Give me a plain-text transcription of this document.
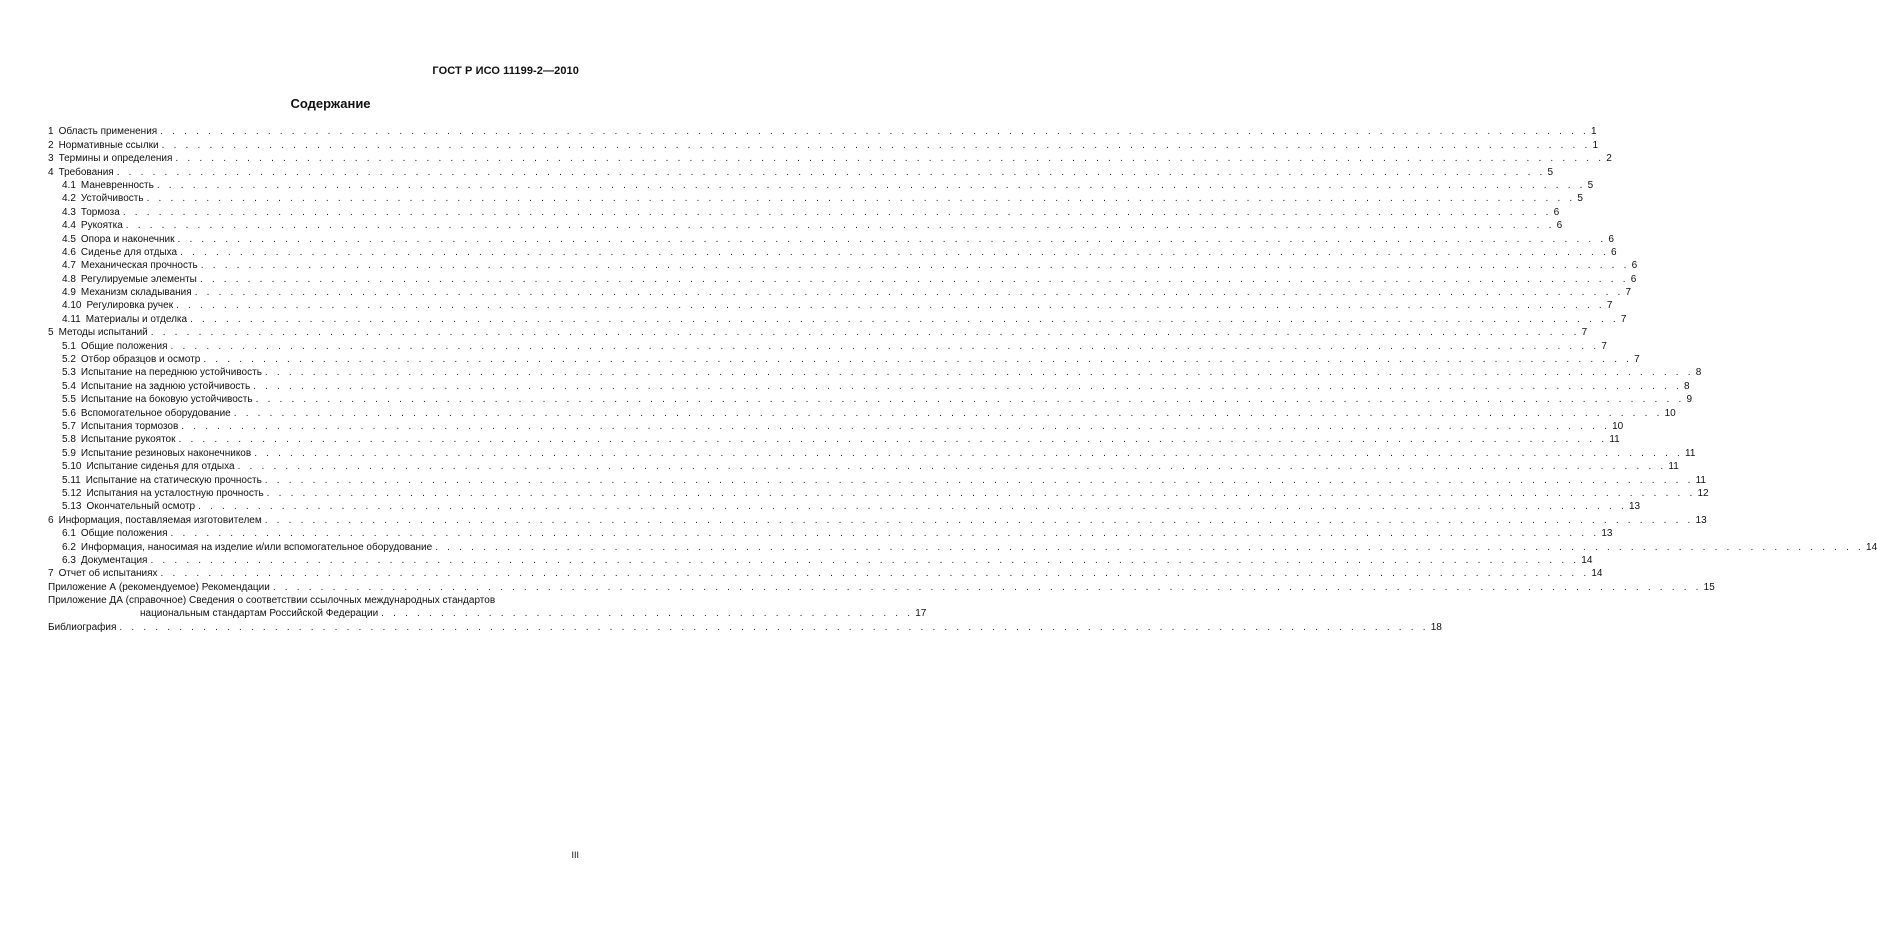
ГОСТ Р ИСО 11199-2—2010
Содержание
1 Область применения . . . . . . . . . . . . . . . . . . . . . . . . . . . . . . . . . . . . . . . . . . . . . . . . . . . . . . . . . . . . . . . . . . . . . . . . . . . . . . . . . . . . . . . . . . . . . . . . . . . . . . . . . . . . . . . . . . . . . . . . 1
2 Нормативные ссылки . . . . . . . . . . . . . . . . . . . . . . . . . . . . . . . . . . . . . . . . . . . . . . . . . . . . . . . . . . . . . . . . . . . . . . . . . . . . . . . . . . . . . . . . . . . . . . . . . . . . . . . . . . . . . . . . . . . . . . . . 1
3 Термины и определения . . . . . . . . . . . . . . . . . . . . . . . . . . . . . . . . . . . . . . . . . . . . . . . . . . . . . . . . . . . . . . . . . . . . . . . . . . . . . . . . . . . . . . . . . . . . . . . . . . . . . . . . . . . . . . . . . . . . . . . . 2
4 Требования . . . . . . . . . . . . . . . . . . . . . . . . . . . . . . . . . . . . . . . . . . . . . . . . . . . . . . . . . . . . . . . . . . . . . . . . . . . . . . . . . . . . . . . . . . . . . . . . . . . . . . . . . . . . . . . . . . . . . . . . 5
4.1 Маневренность . . . . . . . . . . . . . . . . . . . . . . . . . . . . . . . . . . . . . . . . . . . . . . . . . . . . . . . . . . . . . . . . . . . . . . . . . . . . . . . . . . . . . . . . . . . . . . . . . . . . . . . . . . . . . . . . . . . . . . . . 5
4.2 Устойчивость . . . . . . . . . . . . . . . . . . . . . . . . . . . . . . . . . . . . . . . . . . . . . . . . . . . . . . . . . . . . . . . . . . . . . . . . . . . . . . . . . . . . . . . . . . . . . . . . . . . . . . . . . . . . . . . . . . . . . . . . 5
4.3 Тормоза . . . . . . . . . . . . . . . . . . . . . . . . . . . . . . . . . . . . . . . . . . . . . . . . . . . . . . . . . . . . . . . . . . . . . . . . . . . . . . . . . . . . . . . . . . . . . . . . . . . . . . . . . . . . . . . . . . . . . . . . 6
4.4 Рукоятка . . . . . . . . . . . . . . . . . . . . . . . . . . . . . . . . . . . . . . . . . . . . . . . . . . . . . . . . . . . . . . . . . . . . . . . . . . . . . . . . . . . . . . . . . . . . . . . . . . . . . . . . . . . . . . . . . . . . . . . . 6
4.5 Опора и наконечник . . . . . . . . . . . . . . . . . . . . . . . . . . . . . . . . . . . . . . . . . . . . . . . . . . . . . . . . . . . . . . . . . . . . . . . . . . . . . . . . . . . . . . . . . . . . . . . . . . . . . . . . . . . . . . . . . . . . . . . . 6
4.6 Сиденье для отдыха . . . . . . . . . . . . . . . . . . . . . . . . . . . . . . . . . . . . . . . . . . . . . . . . . . . . . . . . . . . . . . . . . . . . . . . . . . . . . . . . . . . . . . . . . . . . . . . . . . . . . . . . . . . . . . . . . . . . . . . . 6
4.7 Механическая прочность . . . . . . . . . . . . . . . . . . . . . . . . . . . . . . . . . . . . . . . . . . . . . . . . . . . . . . . . . . . . . . . . . . . . . . . . . . . . . . . . . . . . . . . . . . . . . . . . . . . . . . . . . . . . . . . . . . . . . . . . 6
4.8 Регулируемые элементы . . . . . . . . . . . . . . . . . . . . . . . . . . . . . . . . . . . . . . . . . . . . . . . . . . . . . . . . . . . . . . . . . . . . . . . . . . . . . . . . . . . . . . . . . . . . . . . . . . . . . . . . . . . . . . . . . . . . . . . . 6
4.9 Механизм складывания . . . . . . . . . . . . . . . . . . . . . . . . . . . . . . . . . . . . . . . . . . . . . . . . . . . . . . . . . . . . . . . . . . . . . . . . . . . . . . . . . . . . . . . . . . . . . . . . . . . . . . . . . . . . . . . . . . . . . . . . 7
4.10 Регулировка ручек . . . . . . . . . . . . . . . . . . . . . . . . . . . . . . . . . . . . . . . . . . . . . . . . . . . . . . . . . . . . . . . . . . . . . . . . . . . . . . . . . . . . . . . . . . . . . . . . . . . . . . . . . . . . . . . . . . . . . . . . 7
4.11 Материалы и отделка . . . . . . . . . . . . . . . . . . . . . . . . . . . . . . . . . . . . . . . . . . . . . . . . . . . . . . . . . . . . . . . . . . . . . . . . . . . . . . . . . . . . . . . . . . . . . . . . . . . . . . . . . . . . . . . . . . . . . . . . 7
5 Методы испытаний . . . . . . . . . . . . . . . . . . . . . . . . . . . . . . . . . . . . . . . . . . . . . . . . . . . . . . . . . . . . . . . . . . . . . . . . . . . . . . . . . . . . . . . . . . . . . . . . . . . . . . . . . . . . . . . . . . . . . . . . 7
5.1 Общие положения . . . . . . . . . . . . . . . . . . . . . . . . . . . . . . . . . . . . . . . . . . . . . . . . . . . . . . . . . . . . . . . . . . . . . . . . . . . . . . . . . . . . . . . . . . . . . . . . . . . . . . . . . . . . . . . . . . . . . . . . 7
5.2 Отбор образцов и осмотр . . . . . . . . . . . . . . . . . . . . . . . . . . . . . . . . . . . . . . . . . . . . . . . . . . . . . . . . . . . . . . . . . . . . . . . . . . . . . . . . . . . . . . . . . . . . . . . . . . . . . . . . . . . . . . . . . . . . . . . . 7
5.3 Испытание на переднюю устойчивость . . . . . . . . . . . . . . . . . . . . . . . . . . . . . . . . . . . . . . . . . . . . . . . . . . . . . . . . . . . . . . . . . . . . . . . . . . . . . . . . . . . . . . . . . . . . . . . . . . . . . . . . . . . . . . . . . . . . . . . . 8
5.4 Испытание на заднюю устойчивость . . . . . . . . . . . . . . . . . . . . . . . . . . . . . . . . . . . . . . . . . . . . . . . . . . . . . . . . . . . . . . . . . . . . . . . . . . . . . . . . . . . . . . . . . . . . . . . . . . . . . . . . . . . . . . . . . . . . . . . . 8
5.5 Испытание на боковую устойчивость . . . . . . . . . . . . . . . . . . . . . . . . . . . . . . . . . . . . . . . . . . . . . . . . . . . . . . . . . . . . . . . . . . . . . . . . . . . . . . . . . . . . . . . . . . . . . . . . . . . . . . . . . . . . . . . . . . . . . . . . 9
5.6 Вспомогательное оборудование . . . . . . . . . . . . . . . . . . . . . . . . . . . . . . . . . . . . . . . . . . . . . . . . . . . . . . . . . . . . . . . . . . . . . . . . . . . . . . . . . . . . . . . . . . . . . . . . . . . . . . . . . . . . . . . . . . . . . . . . 10
5.7 Испытания тормозов . . . . . . . . . . . . . . . . . . . . . . . . . . . . . . . . . . . . . . . . . . . . . . . . . . . . . . . . . . . . . . . . . . . . . . . . . . . . . . . . . . . . . . . . . . . . . . . . . . . . . . . . . . . . . . . . . . . . . . . . 10
5.8 Испытание рукояток . . . . . . . . . . . . . . . . . . . . . . . . . . . . . . . . . . . . . . . . . . . . . . . . . . . . . . . . . . . . . . . . . . . . . . . . . . . . . . . . . . . . . . . . . . . . . . . . . . . . . . . . . . . . . . . . . . . . . . . . 11
5.9 Испытание резиновых наконечников . . . . . . . . . . . . . . . . . . . . . . . . . . . . . . . . . . . . . . . . . . . . . . . . . . . . . . . . . . . . . . . . . . . . . . . . . . . . . . . . . . . . . . . . . . . . . . . . . . . . . . . . . . . . . . . . . . . . . . . . 11
5.10 Испытание сиденья для отдыха . . . . . . . . . . . . . . . . . . . . . . . . . . . . . . . . . . . . . . . . . . . . . . . . . . . . . . . . . . . . . . . . . . . . . . . . . . . . . . . . . . . . . . . . . . . . . . . . . . . . . . . . . . . . . . . . . . . . . . . . 11
5.11 Испытание на статическую прочность . . . . . . . . . . . . . . . . . . . . . . . . . . . . . . . . . . . . . . . . . . . . . . . . . . . . . . . . . . . . . . . . . . . . . . . . . . . . . . . . . . . . . . . . . . . . . . . . . . . . . . . . . . . . . . . . . . . . . . . . 11
5.12 Испытания на усталостную прочность . . . . . . . . . . . . . . . . . . . . . . . . . . . . . . . . . . . . . . . . . . . . . . . . . . . . . . . . . . . . . . . . . . . . . . . . . . . . . . . . . . . . . . . . . . . . . . . . . . . . . . . . . . . . . . . . . . . . . . . . 12
5.13 Окончательный осмотр . . . . . . . . . . . . . . . . . . . . . . . . . . . . . . . . . . . . . . . . . . . . . . . . . . . . . . . . . . . . . . . . . . . . . . . . . . . . . . . . . . . . . . . . . . . . . . . . . . . . . . . . . . . . . . . . . . . . . . . . 13
6 Информация, поставляемая изготовителем . . . . . . . . . . . . . . . . . . . . . . . . . . . . . . . . . . . . . . . . . . . . . . . . . . . . . . . . . . . . . . . . . . . . . . . . . . . . . . . . . . . . . . . . . . . . . . . . . . . . . . . . . . . . . . . . . . . . . . . . 13
6.1 Общие положения . . . . . . . . . . . . . . . . . . . . . . . . . . . . . . . . . . . . . . . . . . . . . . . . . . . . . . . . . . . . . . . . . . . . . . . . . . . . . . . . . . . . . . . . . . . . . . . . . . . . . . . . . . . . . . . . . . . . . . . . 13
6.2 Информация, наносимая на изделие и/или вспомогательное оборудование . . . . . . . . . . . . . . . . . . . . . . . . . . . . . . . . . . . . . . . . . . . . . . . . . . . . . . . . . . . . . . . . . . . . . . . . . . . . . . . . . . . . . . . . . . . . . . . . . . . . . . . . . . . . . . . . . . . . . . . . 14
6.3 Документация . . . . . . . . . . . . . . . . . . . . . . . . . . . . . . . . . . . . . . . . . . . . . . . . . . . . . . . . . . . . . . . . . . . . . . . . . . . . . . . . . . . . . . . . . . . . . . . . . . . . . . . . . . . . . . . . . . . . . . . . 14
7 Отчет об испытаниях . . . . . . . . . . . . . . . . . . . . . . . . . . . . . . . . . . . . . . . . . . . . . . . . . . . . . . . . . . . . . . . . . . . . . . . . . . . . . . . . . . . . . . . . . . . . . . . . . . . . . . . . . . . . . . . . . . . . . . . . 14
Приложение А (рекомендуемое) Рекомендации . . . . . . . . . . . . . . . . . . . . . . . . . . . . . . . . . . . . . . . . . . . . . . . . . . . . . . . . . . . . . . . . . . . . . . . . . . . . . . . . . . . . . . . . . . . . . . . . . . . . . . . . . . . . . . . . . . . . . . . . 15
Приложение ДА (справочное) Сведения о соответствии ссылочных международных стандартов
национальным стандартам Российской Федерации . . . . . . . . . . . . . . . . . . . . . . . . . . . . . . . . . . . . . . . . . . . . . 17
Библиография . . . . . . . . . . . . . . . . . . . . . . . . . . . . . . . . . . . . . . . . . . . . . . . . . . . . . . . . . . . . . . . . . . . . . . . . . . . . . . . . . . . . . . . . . . . . . . . . . . . . . . . . . . . . . . 18
III
